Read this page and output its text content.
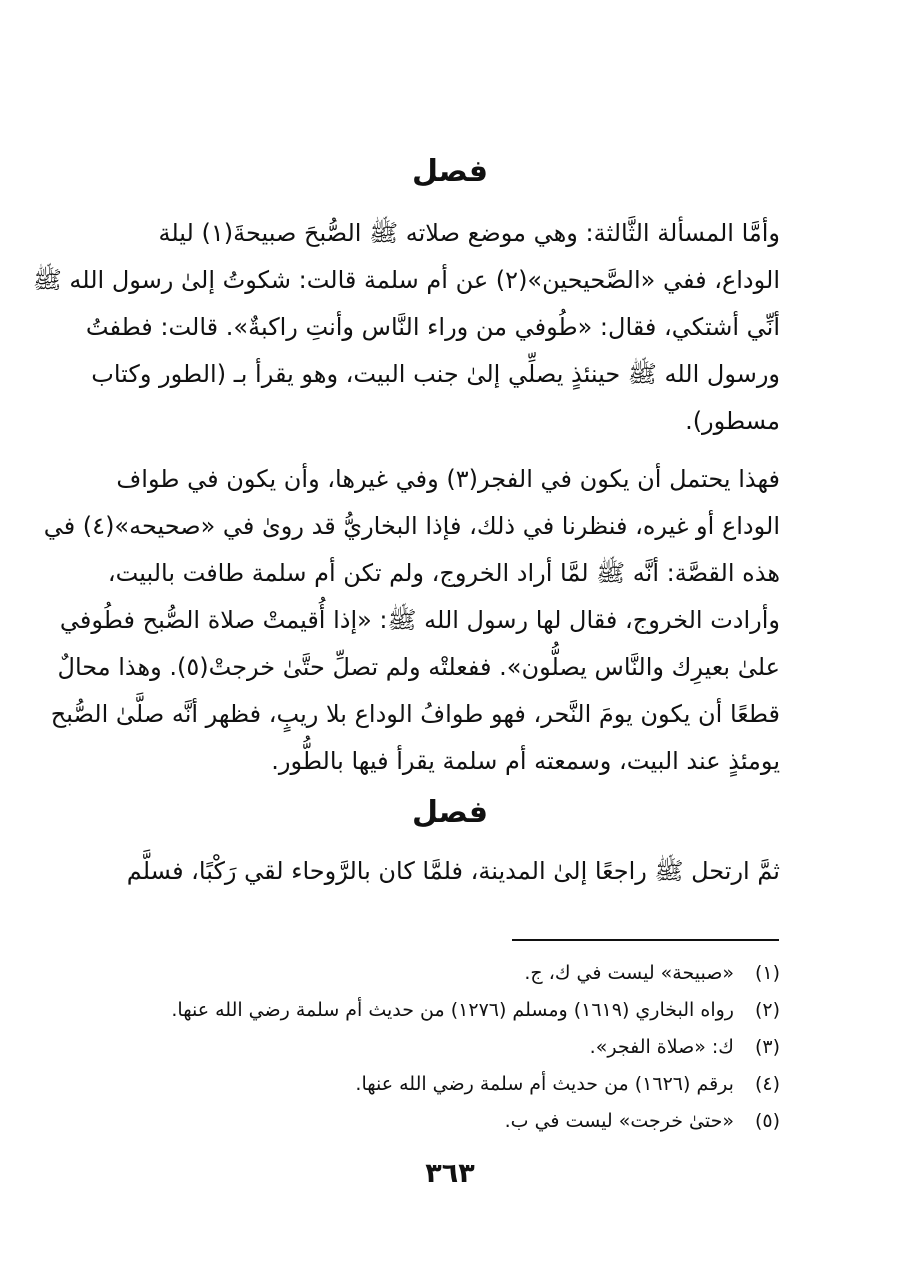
فصل
وأمَّا المسألة الثَّالثة: وهي موضع صلاته ﷺ الصُّبحَ صبيحةَ(١) ليلة
الوداع، ففي «الصَّحيحين»(٢) عن أم سلمة قالت: شكوتُ إلىٰ رسول الله ﷺ
أنِّي أشتكي، فقال: «طُوفي من وراء النَّاس وأنتِ راكبةٌ». قالت: فطفتُ
ورسول الله ﷺ حينئذٍ يصلِّي إلىٰ جنب البيت، وهو يقرأ بـ (الطور وكتاب
مسطور).
فهذا يحتمل أن يكون في الفجر(٣) وفي غيرها، وأن يكون في طواف
الوداع أو غيره، فنظرنا في ذلك، فإذا البخاريُّ قد روىٰ في «صحيحه»(٤) في
هذه القصَّة: أنَّه ﷺ لمَّا أراد الخروج، ولم تكن أم سلمة طافت بالبيت،
وأرادت الخروج، فقال لها رسول الله ﷺ: «إذا أُقيمتْ صلاة الصُّبح فطُوفي
علىٰ بعيرِك والنَّاس يصلُّون». ففعلتْه ولم تصلِّ حتَّىٰ خرجتْ(٥). وهذا محالٌ
قطعًا أن يكون يومَ النَّحر، فهو طوافُ الوداع بلا ريبٍ، فظهر أنَّه صلَّىٰ الصُّبح
يومئذٍ عند البيت، وسمعته أم سلمة يقرأ فيها بالطُّور.
فصل
ثمَّ ارتحل ﷺ راجعًا إلىٰ المدينة، فلمَّا كان بالرَّوحاء لقي رَكْبًا، فسلَّم
(١) «صبيحة» ليست في ك، ج.
(٢) رواه البخاري (١٦١٩) ومسلم (١٢٧٦) من حديث أم سلمة رضي الله عنها.
(٣) ك: «صلاة الفجر».
(٤) برقم (١٦٢٦) من حديث أم سلمة رضي الله عنها.
(٥) «حتىٰ خرجت» ليست في ب.
٣٦٣
